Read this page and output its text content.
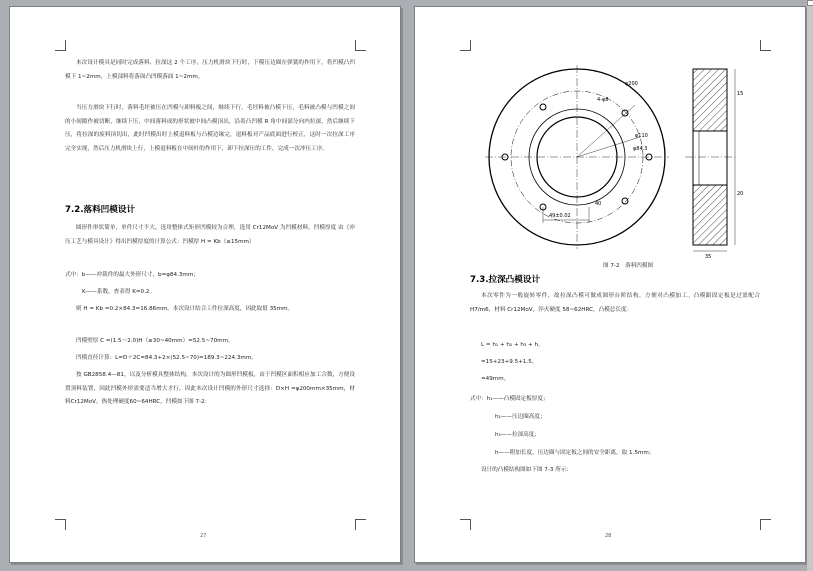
本次设计模具是同时完成落料、拉深这 2 个工序，压力机滑块下行时，下模压边圈在弹簧的作用下，将凹模凸凹模下 1~2mm，上模部料将落面凸凹模落面 1~2mm。
当压力滑块下行时，落料毛坯被压在凹模与卸料板之间，继续下行，毛坯料被凸模下压，毛料被凸模与凹模之间的小间隙作被切断，继续下压，中间落料成的形状被中间凸模顶出，沿着凸凹模 R 角中间部分向内拉深，然后继续下压，将拉深的废料顶切出，此时凹模出时上模退料板与凸模边缘完，退料板对产品底面进行校正，这时一次拉深工序完全实现，然后压力机滑块上行，上模退料板在中间杆的作用下，卸下拉深压的工件，完成一次冲压工序。
7.2.落料凹模设计
圆形件形状简单，单件尺寸不大，选用整体式矩形凹模较为合理，选用 Cr12MoV 为凹模材料。凹模厚度 由《冲压工艺与模具设计》得出凹模厚度的计算公式：凹模厚 H = Kb（≥15mm）
式中：b——冲裁件的最大外形尺寸，b=φ84.3mm；
K——系数，查表得 K=0.2。
则 H = Kb =0.2×84.3=16.86mm，本次设计结合工件拉深高度，因此取值 35mm。
凹模壁厚 C =(1.5～2.0)H（≥30~40mm）=52.5~70mm。
凹模直径计算：L=D＋2C=84.3+2×(52.5~70)=189.3~224.3mm。
按 GB2858.4—81，以及分析模具整体结构，本次设计的为圆形凹模板，由于凹模区面积相应加工合数，方便设置顶料装置，因此凹模外形需要适当增大才行，因此本次设计凹模的外形尺寸选择：D×H =φ200mm×35mm，材料Cr12MoV，热处理硬度60~64HRC，凹模如下图 7-2：
27
φ200
4-φ8
φ110
φ84.3
49±0.02
40
35
15
20
图 7-2　落料凹模图
7.3.拉深凸模设计
本次零件为一般旋转零件，故拉深凸模可做成圆形台阶结构，方便对凸模加工。凸模跟固定板是过盈配合 H7/m6，材料 Cr12MoV，淬火硬度 58~62HRC，凸模总长度：
L = h₁ + h₂ + h₃ + h。
=15+23+9.5+1.5。
=49mm。
式中：h₁——凸模固定板厚度；
h₂——压边圈高度；
h₃——拉深高度；
h——附加长度，压边圈与固定板之间的安全距离，取 1.5mm；
设计的凸模结构图如下图 7-3 所示：
28
